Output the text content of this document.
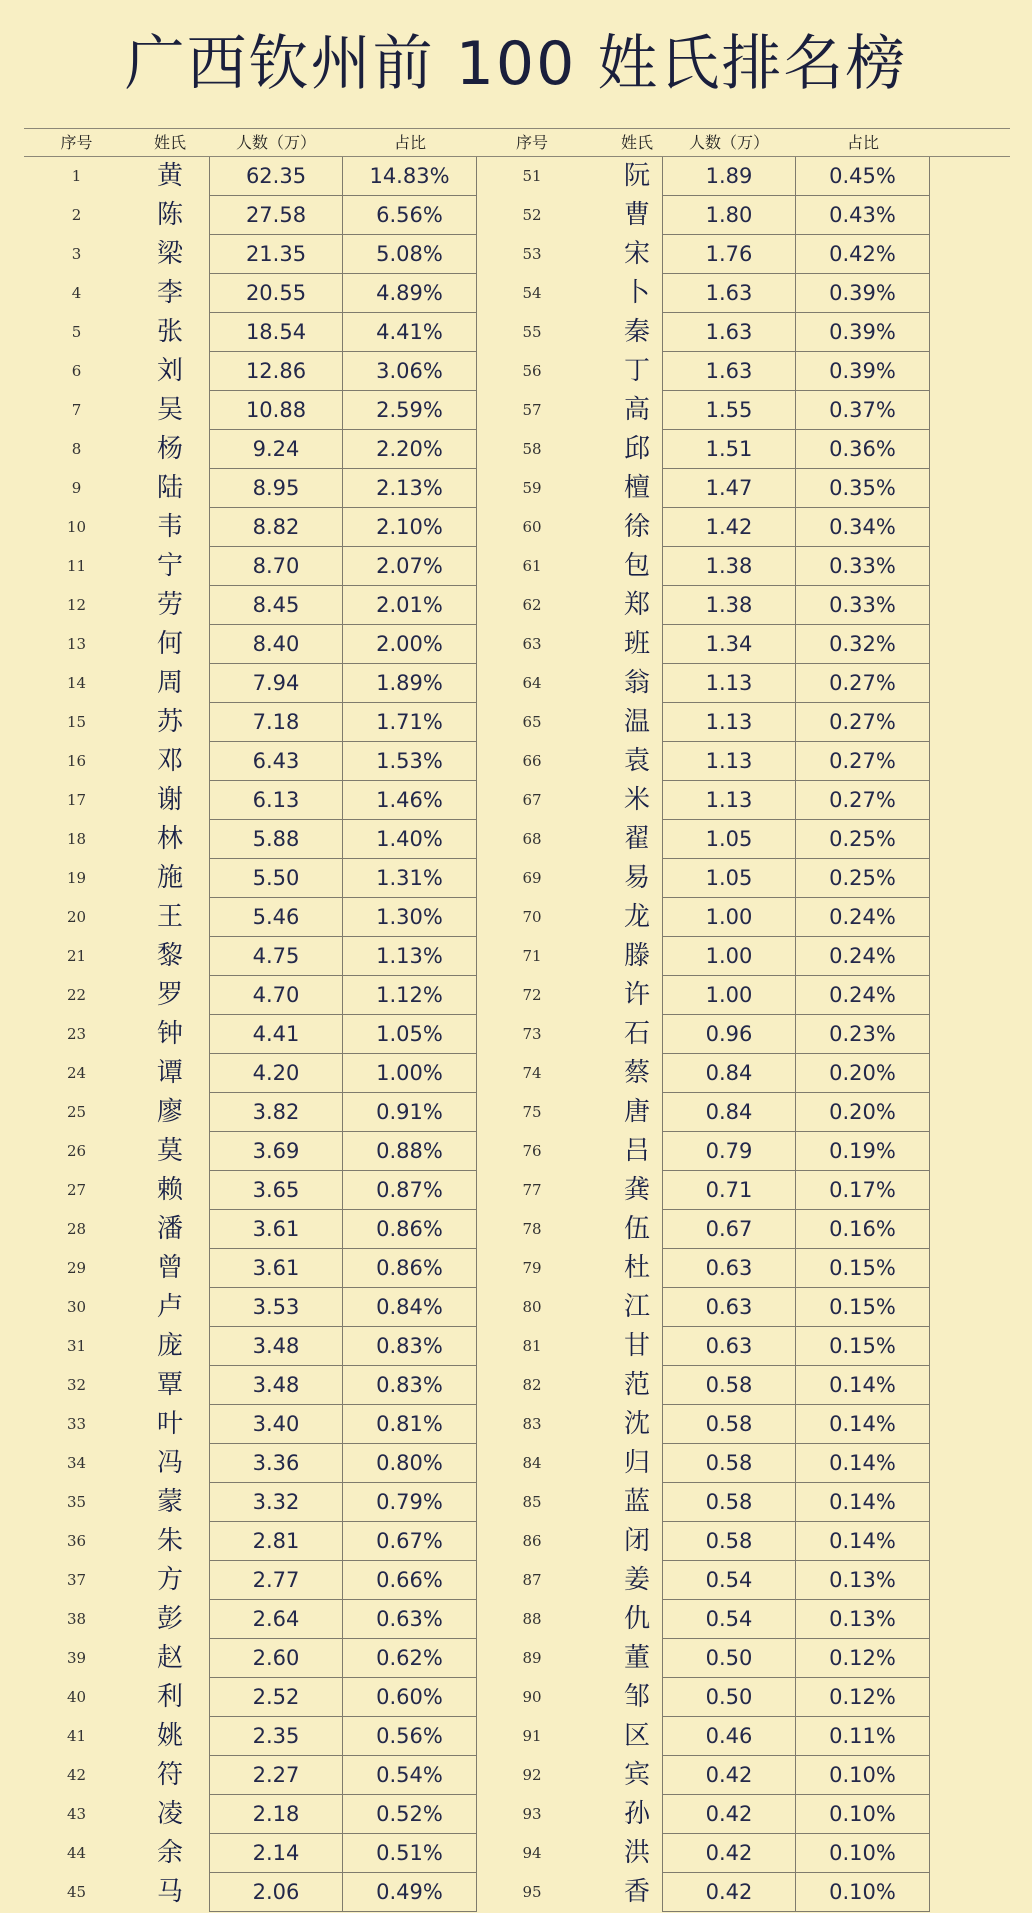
广西钦州前 100 姓氏排名榜
序号	姓氏	人数（万）	占比	序号	姓氏	人数（万）	占比
1	黄	62.35	14.83%	51	阮	1.89	0.45%
2	陈	27.58	6.56%	52	曹	1.80	0.43%
3	梁	21.35	5.08%	53	宋	1.76	0.42%
4	李	20.55	4.89%	54	卜	1.63	0.39%
5	张	18.54	4.41%	55	秦	1.63	0.39%
6	刘	12.86	3.06%	56	丁	1.63	0.39%
7	吴	10.88	2.59%	57	高	1.55	0.37%
8	杨	9.24	2.20%	58	邱	1.51	0.36%
9	陆	8.95	2.13%	59	檀	1.47	0.35%
10	韦	8.82	2.10%	60	徐	1.42	0.34%
11	宁	8.70	2.07%	61	包	1.38	0.33%
12	劳	8.45	2.01%	62	郑	1.38	0.33%
13	何	8.40	2.00%	63	班	1.34	0.32%
14	周	7.94	1.89%	64	翁	1.13	0.27%
15	苏	7.18	1.71%	65	温	1.13	0.27%
16	邓	6.43	1.53%	66	袁	1.13	0.27%
17	谢	6.13	1.46%	67	米	1.13	0.27%
18	林	5.88	1.40%	68	翟	1.05	0.25%
19	施	5.50	1.31%	69	易	1.05	0.25%
20	王	5.46	1.30%	70	龙	1.00	0.24%
21	黎	4.75	1.13%	71	滕	1.00	0.24%
22	罗	4.70	1.12%	72	许	1.00	0.24%
23	钟	4.41	1.05%	73	石	0.96	0.23%
24	谭	4.20	1.00%	74	蔡	0.84	0.20%
25	廖	3.82	0.91%	75	唐	0.84	0.20%
26	莫	3.69	0.88%	76	吕	0.79	0.19%
27	赖	3.65	0.87%	77	龚	0.71	0.17%
28	潘	3.61	0.86%	78	伍	0.67	0.16%
29	曾	3.61	0.86%	79	杜	0.63	0.15%
30	卢	3.53	0.84%	80	江	0.63	0.15%
31	庞	3.48	0.83%	81	甘	0.63	0.15%
32	覃	3.48	0.83%	82	范	0.58	0.14%
33	叶	3.40	0.81%	83	沈	0.58	0.14%
34	冯	3.36	0.80%	84	归	0.58	0.14%
35	蒙	3.32	0.79%	85	蓝	0.58	0.14%
36	朱	2.81	0.67%	86	闭	0.58	0.14%
37	方	2.77	0.66%	87	姜	0.54	0.13%
38	彭	2.64	0.63%	88	仇	0.54	0.13%
39	赵	2.60	0.62%	89	董	0.50	0.12%
40	利	2.52	0.60%	90	邹	0.50	0.12%
41	姚	2.35	0.56%	91	区	0.46	0.11%
42	符	2.27	0.54%	92	宾	0.42	0.10%
43	凌	2.18	0.52%	93	孙	0.42	0.10%
44	余	2.14	0.51%	94	洪	0.42	0.10%
45	马	2.06	0.49%	95	香	0.42	0.10%
